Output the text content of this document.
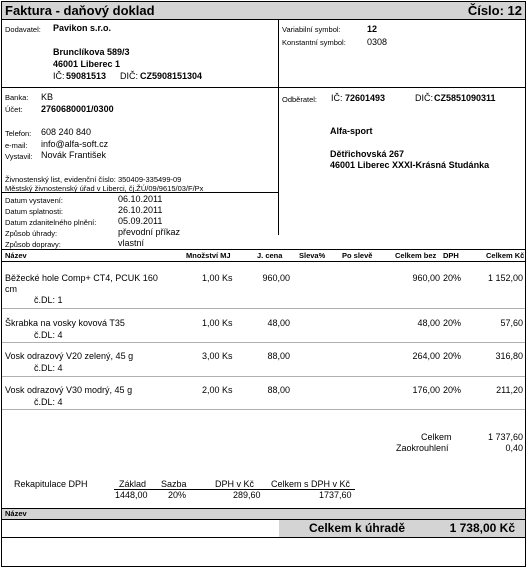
Faktura - daňový doklad	Číslo: 12
Dodavatel: Pavikon s.r.o.
Brunclíkova 589/3
46001 Liberec 1
IČ: 59081513 DIČ: CZ5908151304
Variabilní symbol:	12
Konstantní symbol: 0308
Banka: KB
Účet: 2760680001/0300
Telefon: 608 240 840
e-mail: info@alfa-soft.cz
Vystavil: Novák František
Živnostenský list, evidenční číslo: 350409-335499-09
Městský živnostenský úřad v Liberci, čj.ŽÚ/09/9615/03/F/Px
Odběratel: IČ: 72601493	DIČ: CZ5851090311
Alfa-sport
Dětřichovská 267
46001 Liberec XXXI-Krásná Studánka
Datum vystavení:	06.10.2011
Datum splatnosti:	26.10.2011
Datum zdanitelného plnění: 05.09.2011
Způsob úhrady:	převodní příkaz
Způsob dopravy:	vlastní
Název	Množství MJ	J. cena Sleva% Po slevě	Celkem bez DPH	Celkem Kč
Běžecké hole Comp+ CT4, PCUK 160
cm
č.DL: 1
1,00 Ks	960,00	960,00 20%	1 152,00
Škrabka na vosky kovová T35
č.DL: 4
1,00 Ks	48,00	48,00 20%	57,60
Vosk odrazový V20 zelený, 45 g
č.DL: 4
3,00 Ks	88,00	264,00 20%	316,80
Vosk odrazový V30 modrý, 45 g
č.DL: 4
2,00 Ks	88,00	176,00 20%	211,20
Celkem	1 737,60
Zaokrouhlení	0,40
Rekapitulace DPH	Základ Sazba	DPH v Kč Celkem s DPH v Kč
1448,00 20%	289,60	1737,60
Název
Celkem k úhradě	1 738,00 Kč
